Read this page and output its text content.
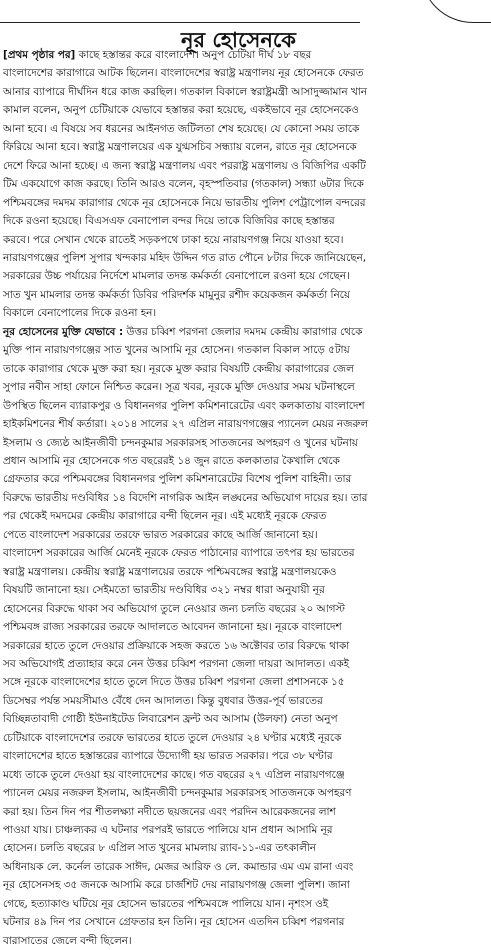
নূর হোসেনকে

[প্রথম পৃষ্ঠার পর] কাছে হস্তান্তর করে বাংলাদেশ। অনুপ চেটিয়া দীর্ঘ ১৮ বছর
বাংলাদেশের কারাগারে আটক ছিলেন। বাংলাদেশের স্বরাষ্ট্র মন্ত্রণালয় নূর হোসেনকে ফেরত
আনার ব্যাপারে দীর্ঘদিন ধরে কাজ করছিল। গতকাল বিকালে স্বরাষ্ট্রমন্ত্রী আসাদুজ্জামান খান
কামাল বলেন, অনুপ চেটিয়াকে যেভাবে হস্তান্তর করা হয়েছে, একইভাবে নূর হোসেনকেও
আনা হবে। এ বিষয়ে সব ধরনের আইনগত জটিলতা শেষ হয়েছে। যে কোনো সময় তাকে
ফিরিয়ে আনা হবে। স্বরাষ্ট্র মন্ত্রণালয়ের এক যুগ্মসচিব সন্ধ্যায় বলেন, রাতে নূর হোসেনকে
দেশে ফিরে আনা হচ্ছে। এ জন্য স্বরাষ্ট্র মন্ত্রণালয় এবং পররাষ্ট্র মন্ত্রণালয় ও বিজিপির একটি
টিম একযোগে কাজ করছে। তিনি আরও বলেন, বৃহস্পতিবার (গতকাল) সন্ধ্যা ৬টার দিকে
পশ্চিমবঙ্গের দমদম কারাগার থেকে নূর হোসেনকে নিয়ে ভারতীয় পুলিশ পেট্রাপোল বন্দরের
দিকে রওনা হয়েছে। বিএসএফ বেনাপোল বন্দর দিয়ে তাকে বিজিবির কাছে হস্তান্তর
করবে। পরে সেখান থেকে রাতেই সড়কপথে ঢাকা হয়ে নারায়ণগঞ্জ নিয়ে যাওয়া হবে।
নারায়ণগঞ্জের পুলিশ সুপার খন্দকার মহিদ উদ্দিন গত রাত পৌনে ৮টার দিকে জানিয়েছেন,
সরকারের উচ্চ পর্যায়ের নির্দেশে মামলার তদন্ত কর্মকর্তা বেনাপোলে রওনা হয়ে গেছেন।
সাত খুন মামলার তদন্ত কর্মকর্তা ডিবির পরিদর্শক মামুনুর রশীদ কয়েকজন কর্মকর্তা নিয়ে
বিকালে বেনাপোলের দিকে রওনা হন।

নূর হোসেনের মুক্তি যেভাবে : উত্তর চব্বিশ পরগনা জেলার দমদম কেন্দ্রীয় কারাগার থেকে
মুক্তি পান নারায়ণগঞ্জের সাত খুনের আসামি নূর হোসেন। গতকাল বিকাল সাড়ে ৫টায়
তাকে কারাগার থেকে মুক্ত করা হয়। নূরকে মুক্ত করার বিষয়টি কেন্দ্রীয় কারাগারের জেল
সুপার নবীন সাহা ফোনে নিশ্চিত করেন। সূত্র খবর, নূরকে মুক্তি দেওয়ার সময় ঘটনাস্থলে
উপস্থিত ছিলেন ব্যারাকপুর ও বিধাননগর পুলিশ কমিশনারেটের এবং কলকাতায় বাংলাদেশ
হাইকমিশনের শীর্ষ কর্তারা। ২০১৪ সালের ২৭ এপ্রিল নারায়ণগঞ্জের প্যানেল মেয়র নজরুল
ইসলাম ও জ্যেষ্ঠ আইনজীবী চন্দনকুমার সরকারসহ সাতজনের অপহরণ ও খুনের ঘটনায়
প্রধান আসামি নূর হোসেনকে গত বছরেরই ১৪ জুন রাতে কলকাতার কৈখালি থেকে
গ্রেফতার করে পশ্চিমবঙ্গের বিধাননগর পুলিশ কমিশনারেটের বিশেষ পুলিশ বাহিনী। তার
বিরুদ্ধে ভারতীয় দণ্ডবিধির ১৪ বিদেশি নাগরিক আইন লঙ্ঘনের অভিযোগ দায়ের হয়। তার
পর থেকেই দমদমের কেন্দ্রীয় কারাগারে বন্দী ছিলেন নূর। এই মধ্যেই নূরকে ফেরত
পেতে বাংলাদেশ সরকারের তরফে ভারত সরকারের কাছে আর্জি জানানো হয়।

বাংলাদেশ সরকারের আর্জি মেনেই নূরকে ফেরত পাঠানোর ব্যাপারে তৎপর হয় ভারতের
স্বরাষ্ট্র মন্ত্রণালয়। কেন্দ্রীয় স্বরাষ্ট্র মন্ত্রণালয়ের তরফে পশ্চিমবঙ্গের স্বরাষ্ট্র মন্ত্রণালয়কেও
বিষয়টি জানানো হয়। সেইমতো ভারতীয় দণ্ডবিধির ৩২১ নম্বর ধারা অনুযায়ী নূর
হোসেনের বিরুদ্ধে থাকা সব অভিযোগ তুলে নেওয়ার জন্য চলতি বছরের ২০ আগস্ট
পশ্চিমবঙ্গ রাজ্য সরকারের তরফে আদালতে আবেদন জানানো হয়। নূরকে বাংলাদেশ
সরকারের হাতে তুলে দেওয়ার প্রক্রিয়াকে সহজ করতে ১৬ অক্টোবর তার বিরুদ্ধে থাকা
সব অভিযোগই প্রত্যাহার করে নেন উত্তর চব্বিশ পরগনা জেলা দায়রা আদালত। একই
সঙ্গে নূরকে বাংলাদেশের হাতে তুলে দিতে উত্তর চব্বিশ পরগনা জেলা প্রশাসনকে ১৫
ডিসেম্বর পর্যন্ত সময়সীমাও বেঁধে দেন আদালত। কিন্তু বুধবার উত্তর-পূর্ব ভারতের
বিচ্ছিন্নতাবাদী গোষ্ঠী ইউনাইটেড লিবারেশন ফ্রন্ট অব আসাম (উলফা) নেতা অনুপ
চেটিয়াকে বাংলাদেশের তরফে ভারতের হাতে তুলে দেওয়ার ২৪ ঘণ্টার মধ্যেই নূরকে
বাংলাদেশের হাতে হস্তান্তরের ব্যাপারে উদ্যোগী হয় ভারত সরকার। পরে ৩৮ ঘণ্টার
মধ্যে তাকে তুলে দেওয়া হয় বাংলাদেশের কাছে। গত বছরের ২৭ এপ্রিল নারায়ণগঞ্জে
প্যানেল মেয়র নজরুল ইসলাম, আইনজীবী চন্দনকুমার সরকারসহ সাতজনকে অপহরণ
করা হয়। তিন দিন পর শীতলক্ষ্যা নদীতে ছয়জনের এবং পরদিন আরেকজনের লাশ
পাওয়া যায়। চাঞ্চল্যকর এ ঘটনার পরপরই ভারতে পালিয়ে যান প্রধান আসামি নূর
হোসেন। চলতি বছরের ৮ এপ্রিল সাত খুনের মামলায় র‍্যাব-১১-এর তৎকালীন
অধিনায়ক লে. কর্নেল তারেক সাঈদ, মেজর আরিফ ও লে. কমান্ডার এম এম রানা এবং
নূর হোসেনসহ ৩৫ জনকে আসামি করে চার্জশিট দেয় নারায়ণগঞ্জ জেলা পুলিশ। জানা
গেছে, হত্যাকাণ্ড ঘটিয়ে নূর হোসেন ভারতের পশ্চিমবঙ্গে পালিয়ে যান। নৃশংস ওই
ঘটনার ৪৯ দিন পর সেখানে গ্রেফতার হন তিনি। নূর হোসেন এতদিন চব্বিশ পরগনার
বারাসাতের জেলে বন্দী ছিলেন।
